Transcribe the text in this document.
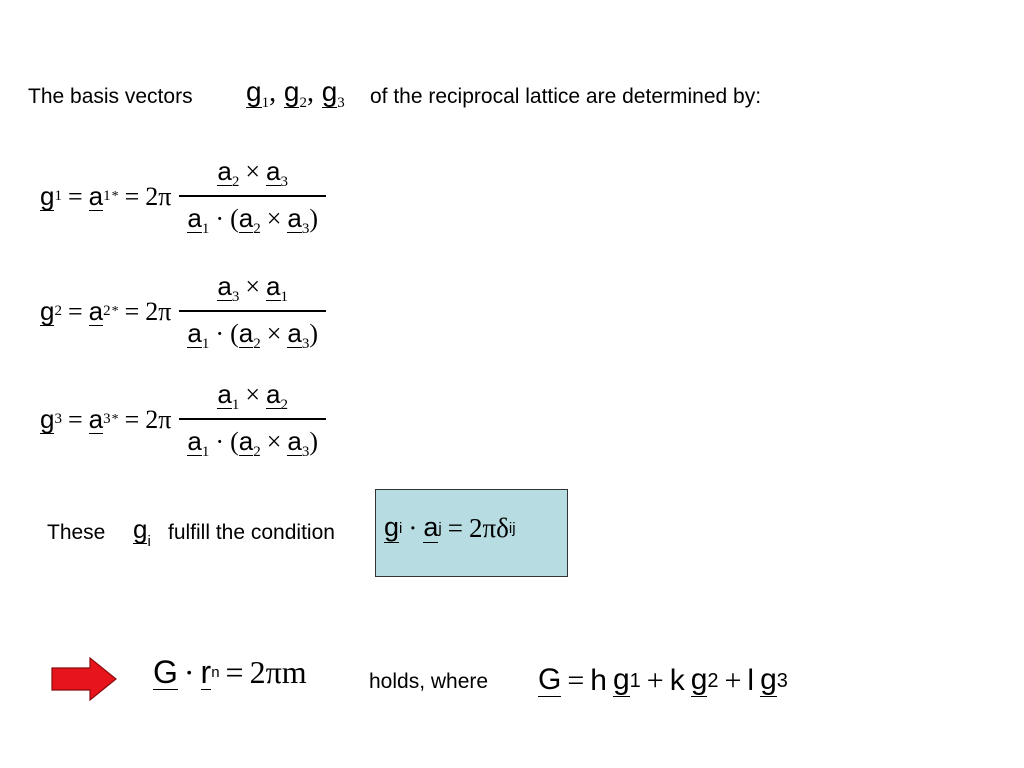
The basis vectors $g_1$, $g_2$, $g_3$ of the reciprocal lattice are determined by:
g 1 = a 1 * = $2\pi \frac{a_2 \times a_3}{a_1 \cdot (a_2 \times a_3)}$
g 2 = a 2 * = $2\pi \frac{a_3 \times a_1}{a_1 \cdot (a_2 \times a_3)}$
g 3 = a 3 * = $2\pi \frac{a_1 \times a_2}{a_1 \cdot (a_2 \times a_3)}$
These $g_i$ fulfill the condition g i · a j = 2π δ ij
G · r n = 2πm	holds, where G = h g 1 + k g 2 + l g 3
